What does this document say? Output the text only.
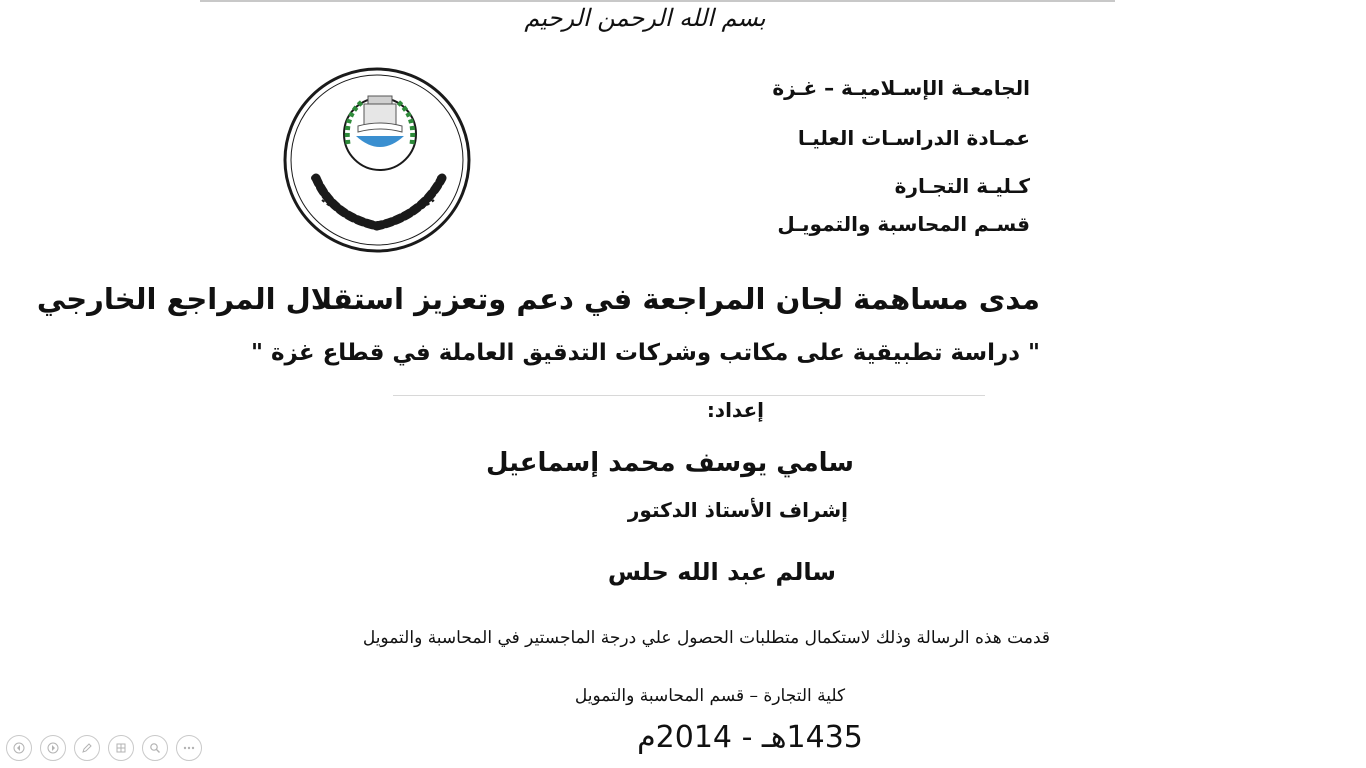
بسم الله الرحمن الرحيم
الجامعـة الإسـلاميـة – غـزة
عمـادة الدراسـات العليـا
كـليـة التجـارة
قسـم المحاسبة والتمويـل
مدى مساهمة لجان المراجعة في دعم وتعزيز استقلال المراجع الخارجي
" دراسة تطبيقية على مكاتب وشركات التدقيق العاملة في قطاع غزة "
إعداد:
سامي يوسف محمد إسماعيل
إشراف الأستاذ الدكتور
سالم عبد الله حلس
قدمت هذه الرسالة وذلك لاستكمال متطلبات الحصول علي درجة الماجستير في المحاسبة والتمويل
كلية التجارة – قسم المحاسبة والتمويل
1435هـ - 2014م
